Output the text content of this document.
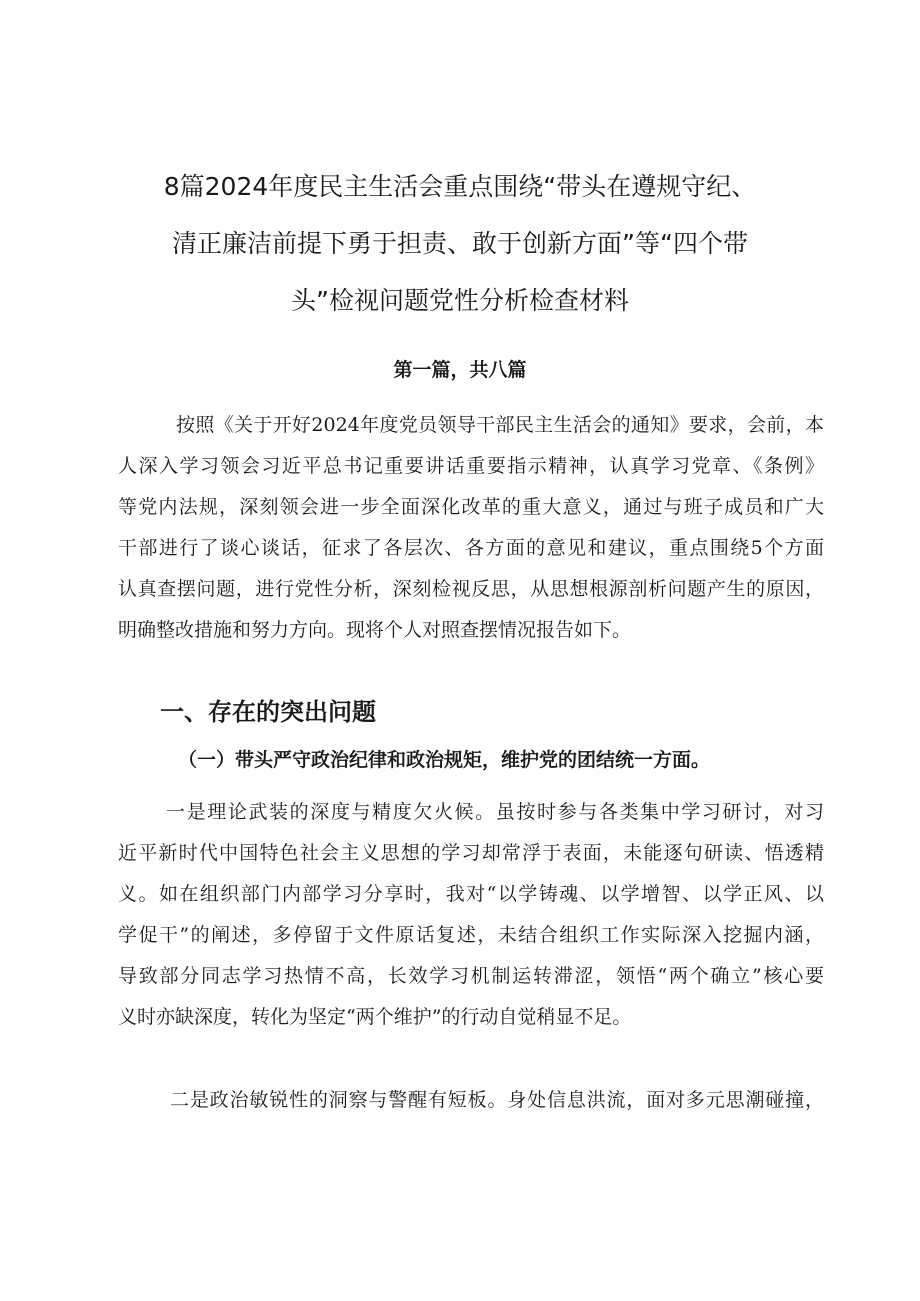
8篇2024年度民主生活会重点围绕“带头在遵规守纪、
清正廉洁前提下勇于担责、敢于创新方面”等“四个带
头”检视问题党性分析检查材料

第一篇，共八篇

按照《关于开好2024年度党员领导干部民主生活会的通知》要求，会前，本
人深入学习领会习近平总书记重要讲话重要指示精神，认真学习党章、《条例》
等党内法规，深刻领会进一步全面深化改革的重大意义，通过与班子成员和广大
干部进行了谈心谈话，征求了各层次、各方面的意见和建议，重点围绕5个方面
认真查摆问题，进行党性分析，深刻检视反思，从思想根源剖析问题产生的原因，
明确整改措施和努力方向。现将个人对照查摆情况报告如下。
一、存在的突出问题
（一）带头严守政治纪律和政治规矩，维护党的团结统一方面。
一是理论武装的深度与精度欠火候。虽按时参与各类集中学习研讨，对习
近平新时代中国特色社会主义思想的学习却常浮于表面，未能逐句研读、悟透精
义。如在组织部门内部学习分享时，我对“以学铸魂、以学增智、以学正风、以
学促干”的阐述，多停留于文件原话复述，未结合组织工作实际深入挖掘内涵，
导致部分同志学习热情不高，长效学习机制运转滞涩，领悟“两个确立”核心要
义时亦缺深度，转化为坚定“两个维护”的行动自觉稍显不足。
二是政治敏锐性的洞察与警醒有短板。身处信息洪流，面对多元思潮碰撞，
